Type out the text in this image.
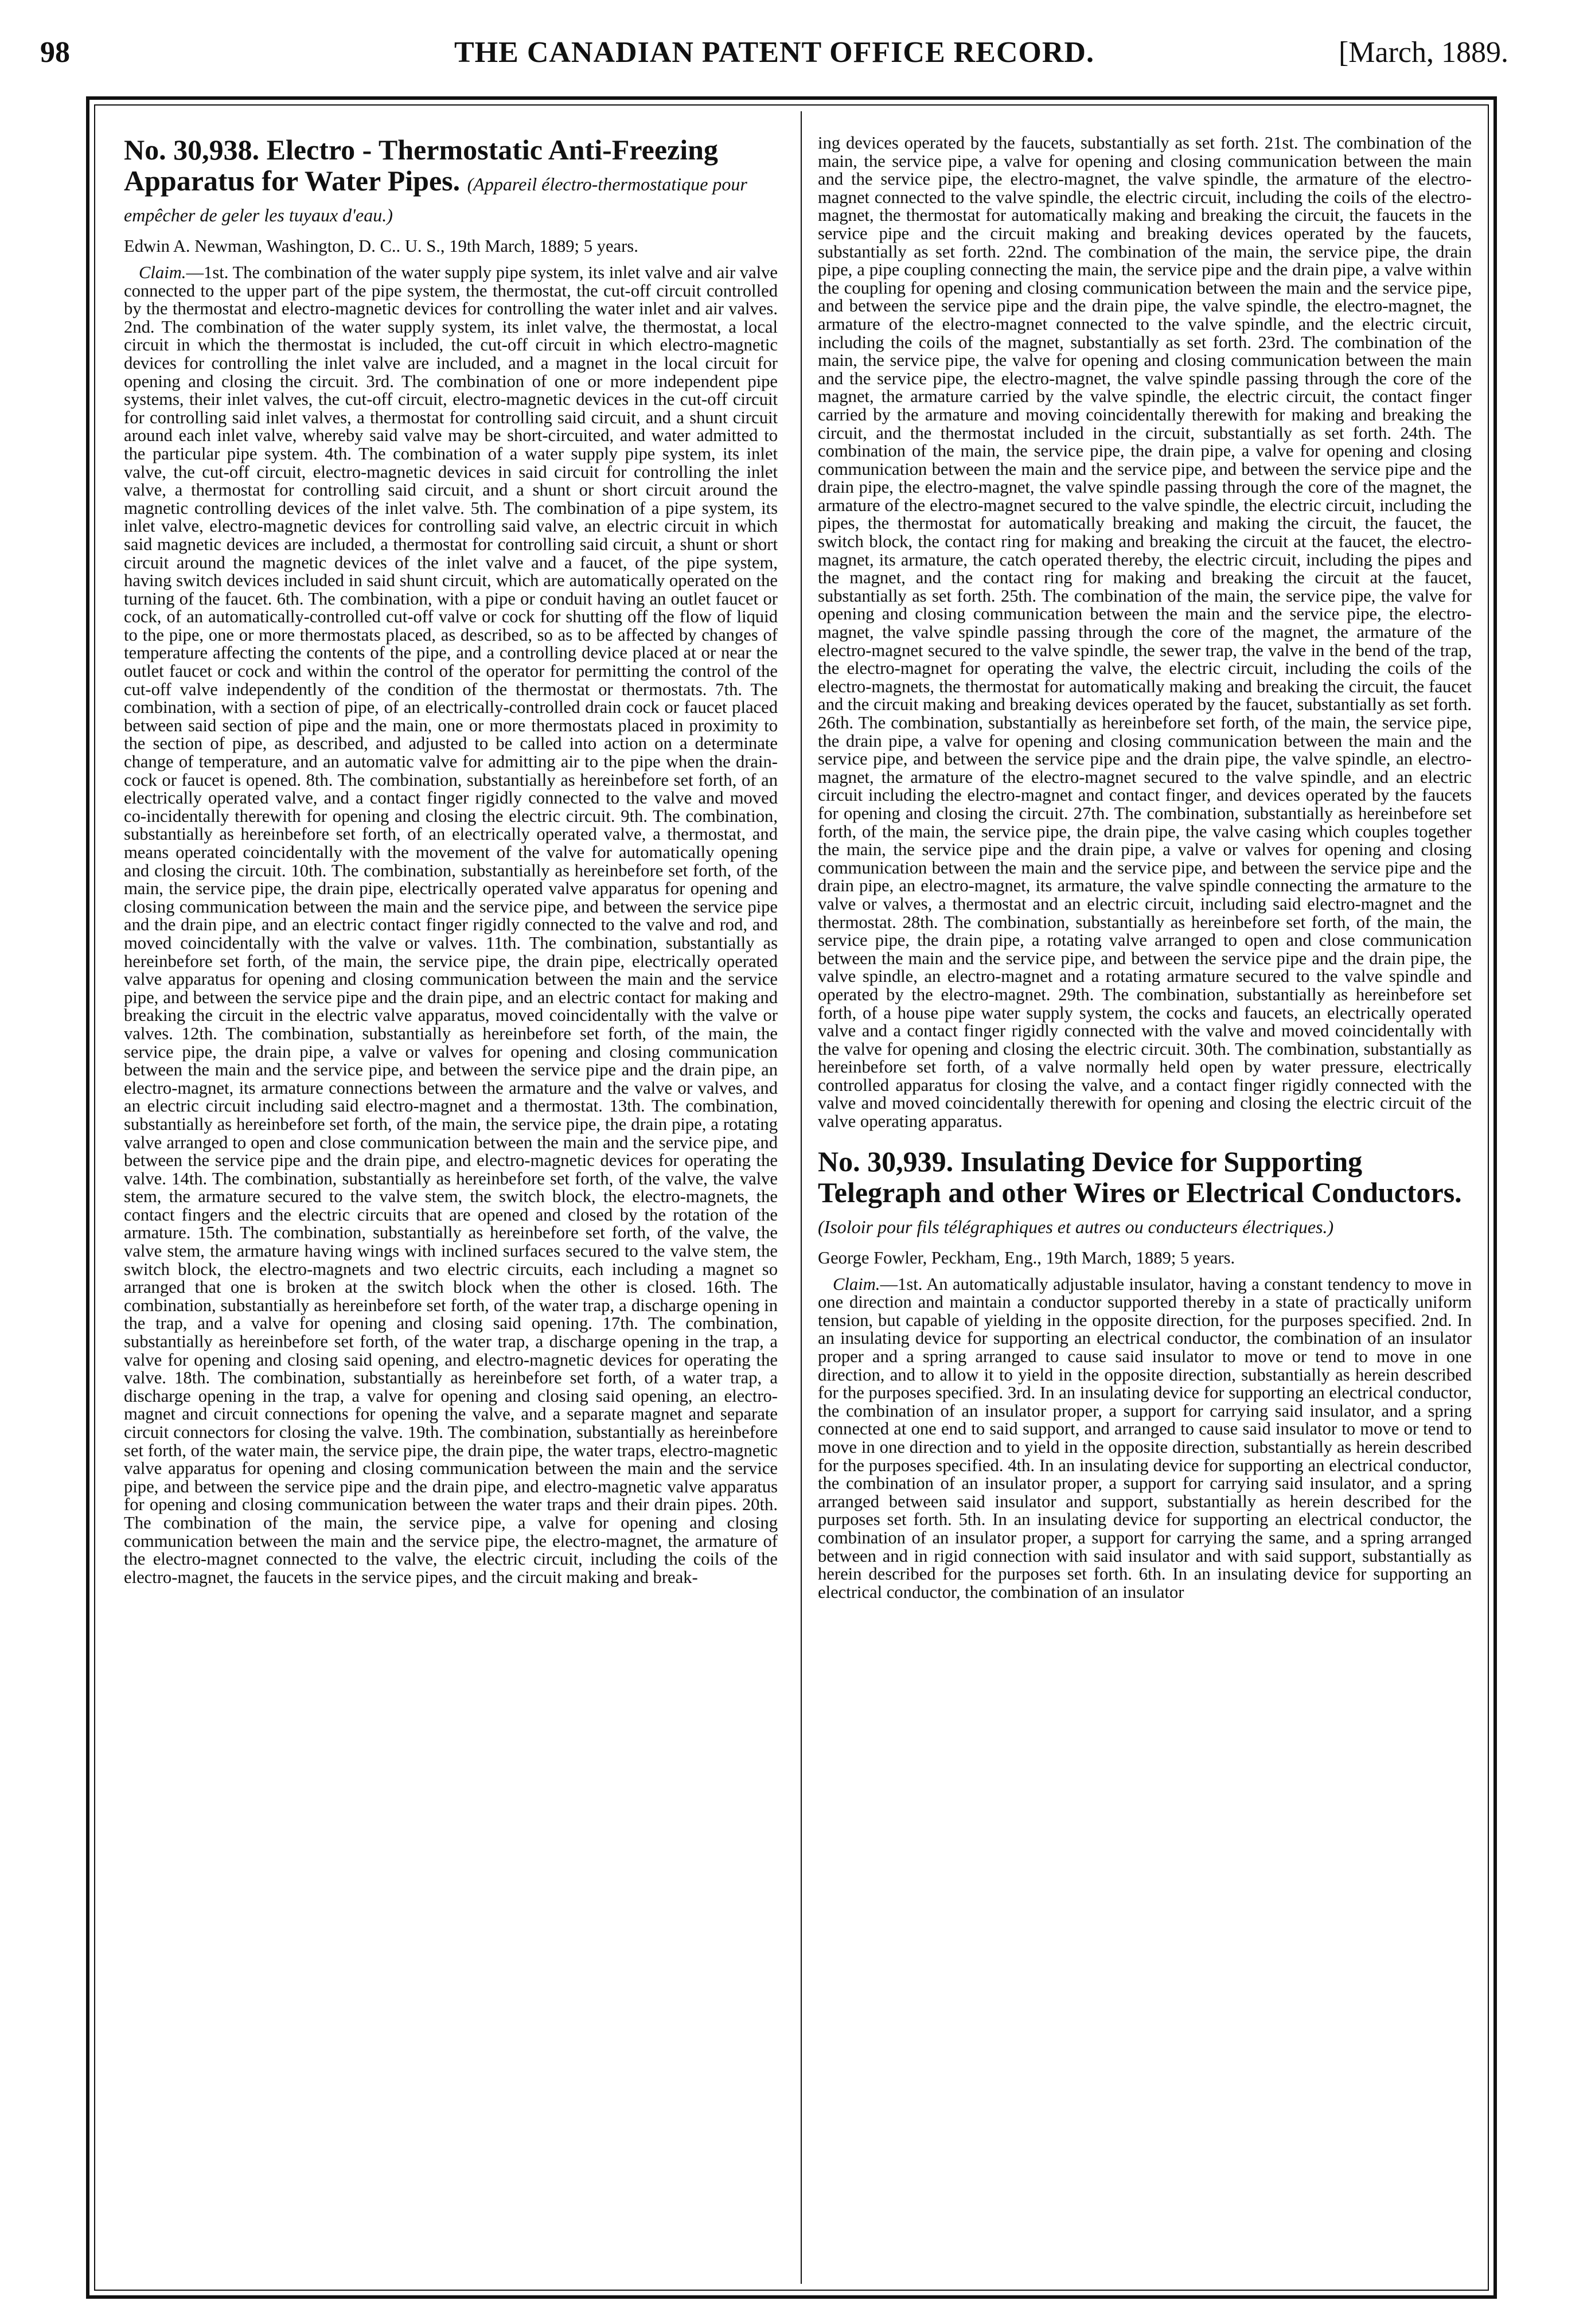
98	THE CANADIAN PATENT OFFICE RECORD.	[March, 1889.
No. 30,938. Electro - Thermostatic Anti-Freezing Apparatus for Water Pipes. (Appareil électro-thermostatique pour empêcher de geler les tuyaux d'eau.)

Edwin A. Newman, Washington, D. C.. U. S., 19th March, 1889; 5 years.

Claim.—1st. The combination of the water supply pipe system, its inlet valve and air valve connected to the upper part of the pipe system, the thermostat, the cut-off circuit controlled by the thermostat and electro-magnetic devices for controlling the water inlet and air valves. 2nd. The combination of the water supply system, its inlet valve, the thermostat, a local circuit in which the thermostat is included, the cut-off circuit in which electro-magnetic devices for controlling the inlet valve are included, and a magnet in the local circuit for opening and closing the circuit. 3rd. The combination of one or more independent pipe systems, their inlet valves, the cut-off circuit, electro-magnetic devices in the cut-off circuit for controlling said inlet valves, a thermostat for controlling said circuit, and a shunt circuit around each inlet valve, whereby said valve may be short-circuited, and water admitted to the particular pipe system. 4th. The combination of a water supply pipe system, its inlet valve, the cut-off circuit, electro-magnetic devices in said circuit for controlling the inlet valve, a thermostat for controlling said circuit, and a shunt or short circuit around the magnetic controlling devices of the inlet valve. 5th. The combination of a pipe system, its inlet valve, electro-magnetic devices for controlling said valve, an electric circuit in which said magnetic devices are included, a thermostat for controlling said circuit, a shunt or short circuit around the magnetic devices of the inlet valve and a faucet, of the pipe system, having switch devices included in said shunt circuit, which are automatically operated on the turning of the faucet. 6th. The combination, with a pipe or conduit having an outlet faucet or cock, of an automatically-controlled cut-off valve or cock for shutting off the flow of liquid to the pipe, one or more thermostats placed, as described, so as to be affected by changes of temperature affecting the contents of the pipe, and a controlling device placed at or near the outlet faucet or cock and within the control of the operator for permitting the control of the cut-off valve independently of the condition of the thermostat or thermostats. 7th. The combination, with a section of pipe, of an electrically-controlled drain cock or faucet placed between said section of pipe and the main, one or more thermostats placed in proximity to the section of pipe, as described, and adjusted to be called into action on a determinate change of temperature, and an automatic valve for admitting air to the pipe when the drain-cock or faucet is opened. 8th. The combination, substantially as hereinbefore set forth, of an electrically operated valve, and a contact finger rigidly connected to the valve and moved co-incidentally therewith for opening and closing the electric circuit. 9th. The combination, substantially as hereinbefore set forth, of an electrically operated valve, a thermostat, and means operated coincidentally with the movement of the valve for automatically opening and closing the circuit. 10th. The combination, substantially as hereinbefore set forth, of the main, the service pipe, the drain pipe, electrically operated valve apparatus for opening and closing communication between the main and the service pipe, and between the service pipe and the drain pipe, and an electric contact finger rigidly connected to the valve and rod, and moved coincidentally with the valve or valves. 11th. The combination, substantially as hereinbefore set forth, of the main, the service pipe, the drain pipe, electrically operated valve apparatus for opening and closing communication between the main and the service pipe, and between the service pipe and the drain pipe, and an electric contact for making and breaking the circuit in the electric valve apparatus, moved coincidentally with the valve or valves. 12th. The combination, substantially as hereinbefore set forth, of the main, the service pipe, the drain pipe, a valve or valves for opening and closing communication between the main and the service pipe, and between the service pipe and the drain pipe, an electro-magnet, its armature connections between the armature and the valve or valves, and an electric circuit including said electro-magnet and a thermostat. 13th. The combination, substantially as hereinbefore set forth, of the main, the service pipe, the drain pipe, a rotating valve arranged to open and close communication between the main and the service pipe, and between the service pipe and the drain pipe, and electro-magnetic devices for operating the valve. 14th. The combination, substantially as hereinbefore set forth, of the valve, the valve stem, the armature secured to the valve stem, the switch block, the electro-magnets, the contact fingers and the electric circuits that are opened and closed by the rotation of the armature. 15th. The combination, substantially as hereinbefore set forth, of the valve, the valve stem, the armature having wings with inclined surfaces secured to the valve stem, the switch block, the electro-magnets and two electric circuits, each including a magnet so arranged that one is broken at the switch block when the other is closed. 16th. The combination, substantially as hereinbefore set forth, of the water trap, a discharge opening in the trap, and a valve for opening and closing said opening. 17th. The combination, substantially as hereinbefore set forth, of the water trap, a discharge opening in the trap, a valve for opening and closing said opening, and electro-magnetic devices for operating the valve. 18th. The combination, substantially as hereinbefore set forth, of a water trap, a discharge opening in the trap, a valve for opening and closing said opening, an electro-magnet and circuit connections for opening the valve, and a separate magnet and separate circuit connectors for closing the valve. 19th. The combination, substantially as hereinbefore set forth, of the water main, the service pipe, the drain pipe, the water traps, electro-magnetic valve apparatus for opening and closing communication between the main and the service pipe, and between the service pipe and the drain pipe, and electro-magnetic valve apparatus for opening and closing communication between the water traps and their drain pipes. 20th. The combination of the main, the service pipe, a valve for opening and closing communication between the main and the service pipe, the electro-magnet, the armature of the electro-magnet connected to the valve, the electric circuit, including the coils of the electro-magnet, the faucets in the service pipes, and the circuit making and break-

ing devices operated by the faucets, substantially as set forth. 21st. The combination of the main, the service pipe, a valve for opening and closing communication between the main and the service pipe, the electro-magnet, the valve spindle, the armature of the electro-magnet connected to the valve spindle, the electric circuit, including the coils of the electro-magnet, the thermostat for automatically making and breaking the circuit, the faucets in the service pipe and the circuit making and breaking devices operated by the faucets, substantially as set forth. 22nd. The combination of the main, the service pipe, the drain pipe, a pipe coupling connecting the main, the service pipe and the drain pipe, a valve within the coupling for opening and closing communication between the main and the service pipe, and between the service pipe and the drain pipe, the valve spindle, the electro-magnet, the armature of the electro-magnet connected to the valve spindle, and the electric circuit, including the coils of the magnet, substantially as set forth. 23rd. The combination of the main, the service pipe, the valve for opening and closing communication between the main and the service pipe, the electro-magnet, the valve spindle passing through the core of the magnet, the armature carried by the valve spindle, the electric circuit, the contact finger carried by the armature and moving coincidentally therewith for making and breaking the circuit, and the thermostat included in the circuit, substantially as set forth. 24th. The combination of the main, the service pipe, the drain pipe, a valve for opening and closing communication between the main and the service pipe, and between the service pipe and the drain pipe, the electro-magnet, the valve spindle passing through the core of the magnet, the armature of the electro-magnet secured to the valve spindle, the electric circuit, including the pipes, the thermostat for automatically breaking and making the circuit, the faucet, the switch block, the contact ring for making and breaking the circuit at the faucet, the electro-magnet, its armature, the catch operated thereby, the electric circuit, including the pipes and the magnet, and the contact ring for making and breaking the circuit at the faucet, substantially as set forth. 25th. The combination of the main, the service pipe, the valve for opening and closing communication between the main and the service pipe, the electro-magnet, the valve spindle passing through the core of the magnet, the armature of the electro-magnet secured to the valve spindle, the sewer trap, the valve in the bend of the trap, the electro-magnet for operating the valve, the electric circuit, including the coils of the electro-magnets, the thermostat for automatically making and breaking the circuit, the faucet and the circuit making and breaking devices operated by the faucet, substantially as set forth. 26th. The combination, substantially as hereinbefore set forth, of the main, the service pipe, the drain pipe, a valve for opening and closing communication between the main and the service pipe, and between the service pipe and the drain pipe, the valve spindle, an electro-magnet, the armature of the electro-magnet secured to the valve spindle, and an electric circuit including the electro-magnet and contact finger, and devices operated by the faucets for opening and closing the circuit. 27th. The combination, substantially as hereinbefore set forth, of the main, the service pipe, the drain pipe, the valve casing which couples together the main, the service pipe and the drain pipe, a valve or valves for opening and closing communication between the main and the service pipe, and between the service pipe and the drain pipe, an electro-magnet, its armature, the valve spindle connecting the armature to the valve or valves, a thermostat and an electric circuit, including said electro-magnet and the thermostat. 28th. The combination, substantially as hereinbefore set forth, of the main, the service pipe, the drain pipe, a rotating valve arranged to open and close communication between the main and the service pipe, and between the service pipe and the drain pipe, the valve spindle, an electro-magnet and a rotating armature secured to the valve spindle and operated by the electro-magnet. 29th. The combination, substantially as hereinbefore set forth, of a house pipe water supply system, the cocks and faucets, an electrically operated valve and a contact finger rigidly connected with the valve and moved coincidentally with the valve for opening and closing the electric circuit. 30th. The combination, substantially as hereinbefore set forth, of a valve normally held open by water pressure, electrically controlled apparatus for closing the valve, and a contact finger rigidly connected with the valve and moved coincidentally therewith for opening and closing the electric circuit of the valve operating apparatus.

No. 30,939. Insulating Device for Supporting Telegraph and other Wires or Electrical Conductors. (Isoloir pour fils télégraphiques et autres ou conducteurs électriques.)

George Fowler, Peckham, Eng., 19th March, 1889; 5 years.

Claim.—1st. An automatically adjustable insulator, having a constant tendency to move in one direction and maintain a conductor supported thereby in a state of practically uniform tension, but capable of yielding in the opposite direction, for the purposes specified. 2nd. In an insulating device for supporting an electrical conductor, the combination of an insulator proper and a spring arranged to cause said insulator to move or tend to move in one direction, and to allow it to yield in the opposite direction, substantially as herein described for the purposes specified. 3rd. In an insulating device for supporting an electrical conductor, the combination of an insulator proper, a support for carrying said insulator, and a spring connected at one end to said support, and arranged to cause said insulator to move or tend to move in one direction and to yield in the opposite direction, substantially as herein described for the purposes specified. 4th. In an insulating device for supporting an electrical conductor, the combination of an insulator proper, a support for carrying said insulator, and a spring arranged between said insulator and support, substantially as herein described for the purposes set forth. 5th. In an insulating device for supporting an electrical conductor, the combination of an insulator proper, a support for carrying the same, and a spring arranged between and in rigid connection with said insulator and with said support, substantially as herein described for the purposes set forth. 6th. In an insulating device for supporting an electrical conductor, the combination of an insulator
